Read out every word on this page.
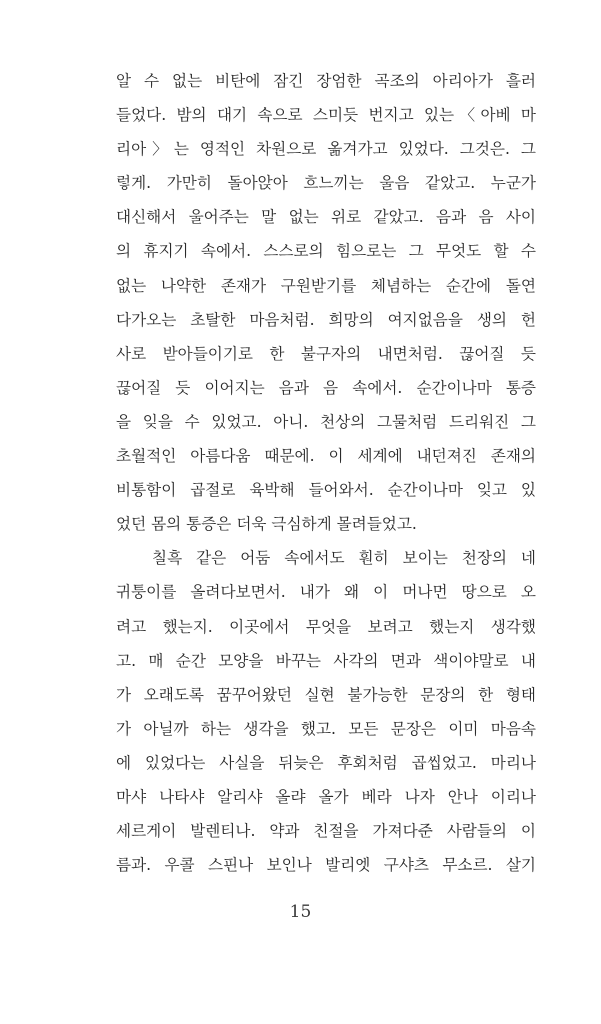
알 수 없는 비탄에 잠긴 장엄한 곡조의 아리아가 흘러
들었다. 밤의 대기 속으로 스미듯 번지고 있는〈아베 마
리아〉는 영적인 차원으로 옮겨가고 있었다. 그것은. 그
렇게. 가만히 돌아앉아 흐느끼는 울음 같았고. 누군가
대신해서 울어주는 말 없는 위로 같았고. 음과 음 사이
의 휴지기 속에서. 스스로의 힘으로는 그 무엇도 할 수
없는 나약한 존재가 구원받기를 체념하는 순간에 돌연
다가오는 초탈한 마음처럼. 희망의 여지없음을 생의 헌
사로 받아들이기로 한 불구자의 내면처럼. 끊어질 듯
끊어질 듯 이어지는 음과 음 속에서. 순간이나마 통증
을 잊을 수 있었고. 아니. 천상의 그물처럼 드리워진 그
초월적인 아름다움 때문에. 이 세계에 내던져진 존재의
비통함이 곱절로 육박해 들어와서. 순간이나마 잊고 있
었던 몸의 통증은 더욱 극심하게 몰려들었고.
칠흑 같은 어둠 속에서도 훤히 보이는 천장의 네
귀퉁이를 올려다보면서. 내가 왜 이 머나먼 땅으로 오
려고 했는지. 이곳에서 무엇을 보려고 했는지 생각했
고. 매 순간 모양을 바꾸는 사각의 면과 색이야말로 내
가 오래도록 꿈꾸어왔던 실현 불가능한 문장의 한 형태
가 아닐까 하는 생각을 했고. 모든 문장은 이미 마음속
에 있었다는 사실을 뒤늦은 후회처럼 곱씹었고. 마리나
마샤 나타샤 알리샤 올랴 올가 베라 나자 안나 이리나
세르게이 발렌티나. 약과 친절을 가져다준 사람들의 이
름과. 우콜 스핀나 보인나 발리엣 구샤츠 무소르. 살기
15
